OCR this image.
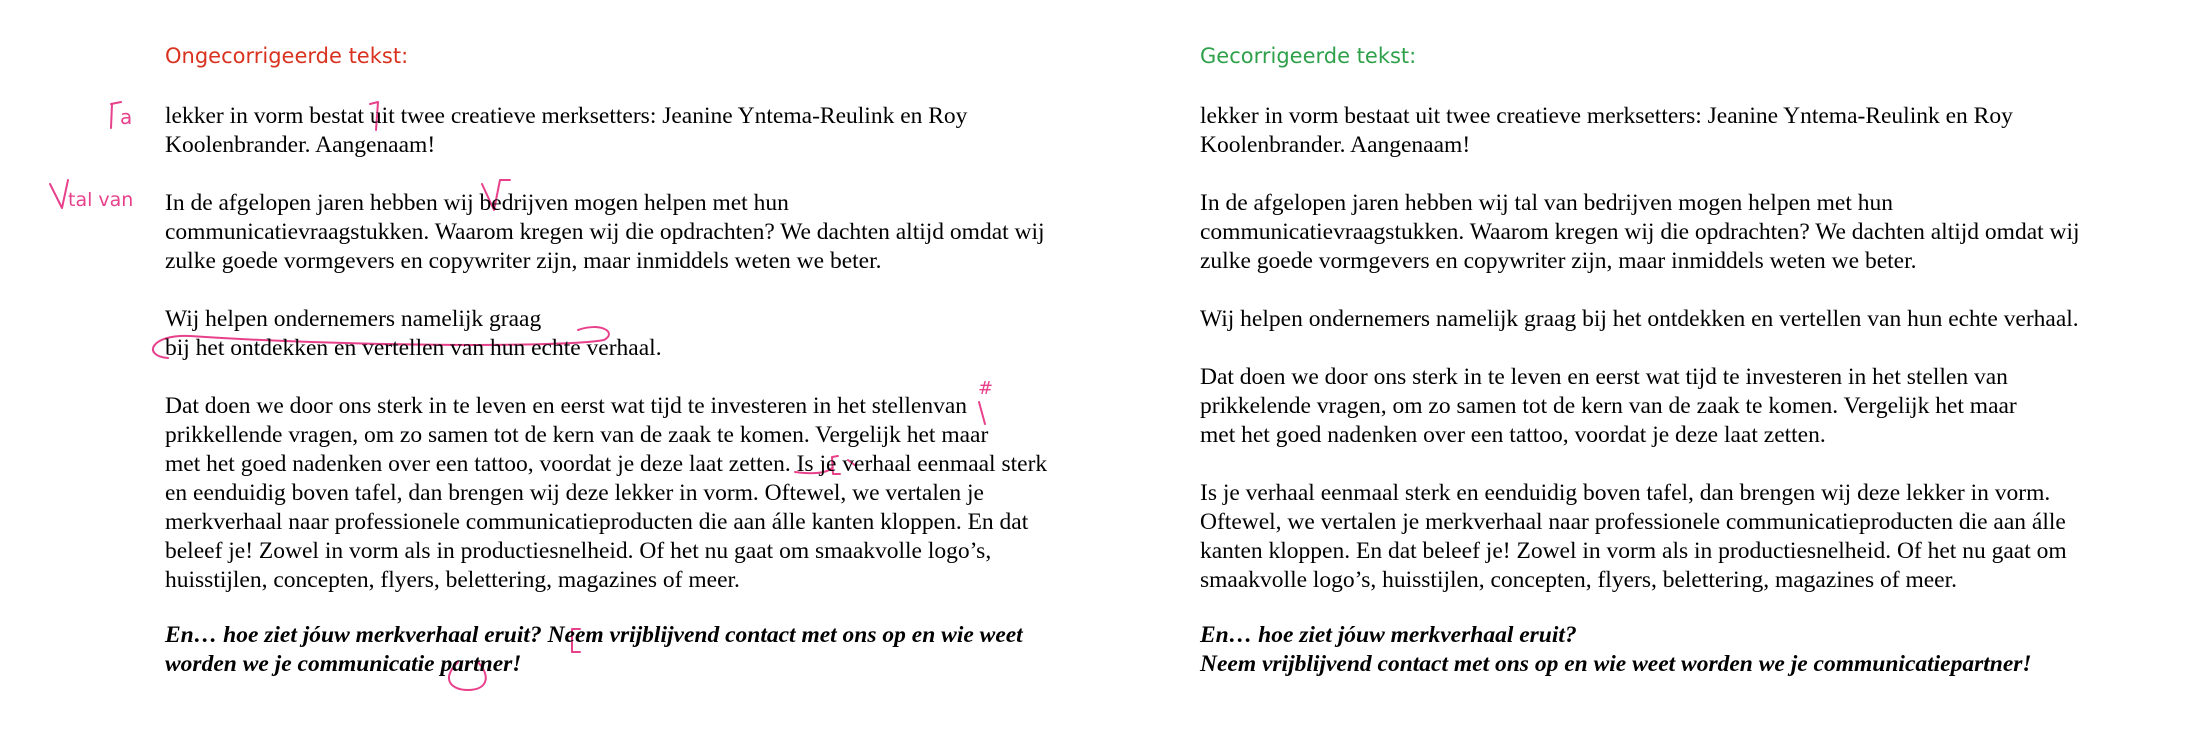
a
tal van
#
Ongecorrigeerde tekst:

lekker in vorm bestat uit twee creatieve merksetters: Jeanine Yntema-Reulink en Roy
Koolenbrander. Aangenaam!

In de afgelopen jaren hebben wij bedrijven mogen helpen met hun
communicatievraagstukken. Waarom kregen wij die opdrachten? We dachten altijd omdat wij
zulke goede vormgevers en copywriter zijn, maar inmiddels weten we beter.

Wij helpen ondernemers namelijk graag
bij het ontdekken en vertellen van hun echte verhaal.

Dat doen we door ons sterk in te leven en eerst wat tijd te investeren in het stellenvan
prikkellende vragen, om zo samen tot de kern van de zaak te komen. Vergelijk het maar
met het goed nadenken over een tattoo, voordat je deze laat zetten. Is je verhaal eenmaal sterk
en eenduidig boven tafel, dan brengen wij deze lekker in vorm. Oftewel, we vertalen je
merkverhaal naar professionele communicatieproducten die aan álle kanten kloppen. En dat
beleef je! Zowel in vorm als in productiesnelheid. Of het nu gaat om smaakvolle logo’s,
huisstijlen, concepten, flyers, belettering, magazines of meer.

En… hoe ziet jóuw merkverhaal eruit? Neem vrijblijvend contact met ons op en wie weet
worden we je communicatie partner!

Gecorrigeerde tekst:

lekker in vorm bestaat uit twee creatieve merksetters: Jeanine Yntema-Reulink en Roy
Koolenbrander. Aangenaam!

In de afgelopen jaren hebben wij tal van bedrijven mogen helpen met hun
communicatievraagstukken. Waarom kregen wij die opdrachten? We dachten altijd omdat wij
zulke goede vormgevers en copywriter zijn, maar inmiddels weten we beter.

Wij helpen ondernemers namelijk graag bij het ontdekken en vertellen van hun echte verhaal.

Dat doen we door ons sterk in te leven en eerst wat tijd te investeren in het stellen van
prikkelende vragen, om zo samen tot de kern van de zaak te komen. Vergelijk het maar
met het goed nadenken over een tattoo, voordat je deze laat zetten.

Is je verhaal eenmaal sterk en eenduidig boven tafel, dan brengen wij deze lekker in vorm.
Oftewel, we vertalen je merkverhaal naar professionele communicatieproducten die aan álle
kanten kloppen. En dat beleef je! Zowel in vorm als in productiesnelheid. Of het nu gaat om
smaakvolle logo’s, huisstijlen, concepten, flyers, belettering, magazines of meer.

En… hoe ziet jóuw merkverhaal eruit?
Neem vrijblijvend contact met ons op en wie weet worden we je communicatiepartner!
